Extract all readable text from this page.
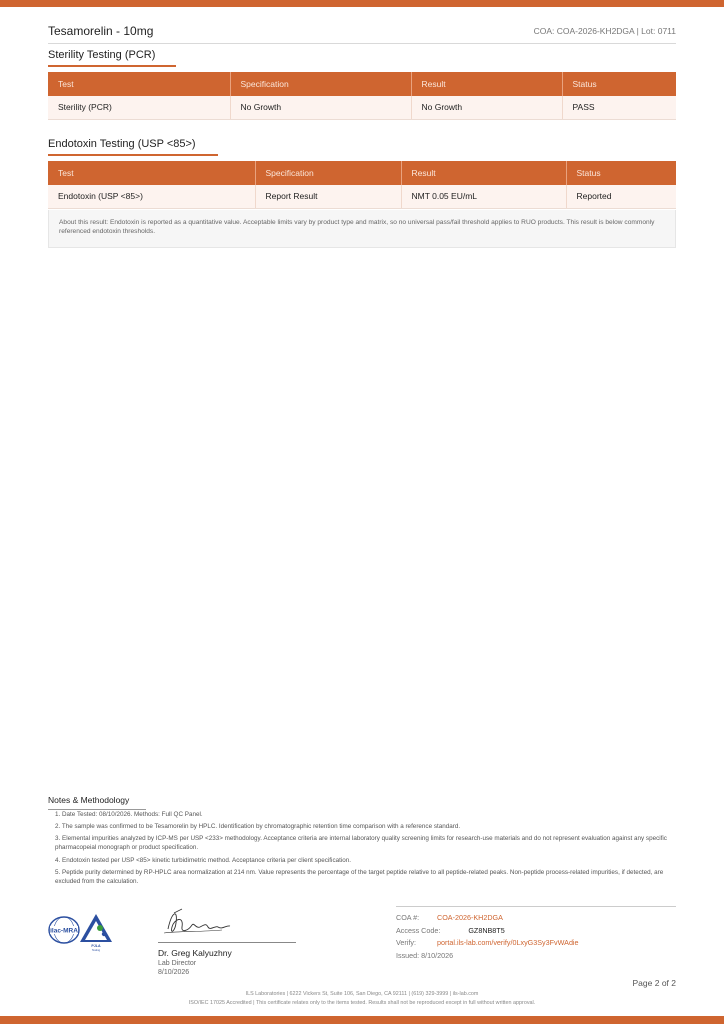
Tesamorelin - 10mg	COA: COA-2026-KH2DGA | Lot: 0711
Sterility Testing (PCR)
Test	Specification	Result	Status
Sterility (PCR)	No Growth	No Growth	PASS
Endotoxin Testing (USP <85>)
Test	Specification	Result	Status
Endotoxin (USP <85>)	Report Result	NMT 0.05 EU/mL	Reported
About this result: Endotoxin is reported as a quantitative value. Acceptable limits vary by product type and matrix, so no universal pass/fail threshold applies to RUO products. This result is below commonly referenced endotoxin thresholds.
Notes & Methodology
1. Date Tested: 08/10/2026. Methods: Full QC Panel.
2. The sample was confirmed to be Tesamorelin by HPLC. Identification by chromatographic retention time comparison with a reference standard.
3. Elemental impurities analyzed by ICP-MS per USP <233> methodology. Acceptance criteria are internal laboratory quality screening limits for research-use materials and do not represent evaluation against any specific pharmacopeial monograph or product specification.
4. Endotoxin tested per USP <85> kinetic turbidimetric method. Acceptance criteria per client specification.
5. Peptide purity determined by RP-HPLC area normalization at 214 nm. Value represents the percentage of the target peptide relative to all peptide-related peaks. Non-peptide process-related impurities, if detected, are excluded from the calculation.
ilac-MRA
PJLA
Testing	Dr. Greg Kalyuzhny
Lab Director
8/10/2026
COA #:	COA-2026-KH2DGA
Access Code:	GZ8NB8T5
Verify:	portal.ils-lab.com/verify/0LxyG3Sy3FvWAdie
Issued: 8/10/2026
Page 2 of 2
ILS Laboratories | 6222 Vickers St, Suite 106, San Diego, CA 92111 | (619) 329-3999 | ils-lab.com
ISO/IEC 17025 Accredited | This certificate relates only to the items tested. Results shall not be reproduced except in full without written approval.
